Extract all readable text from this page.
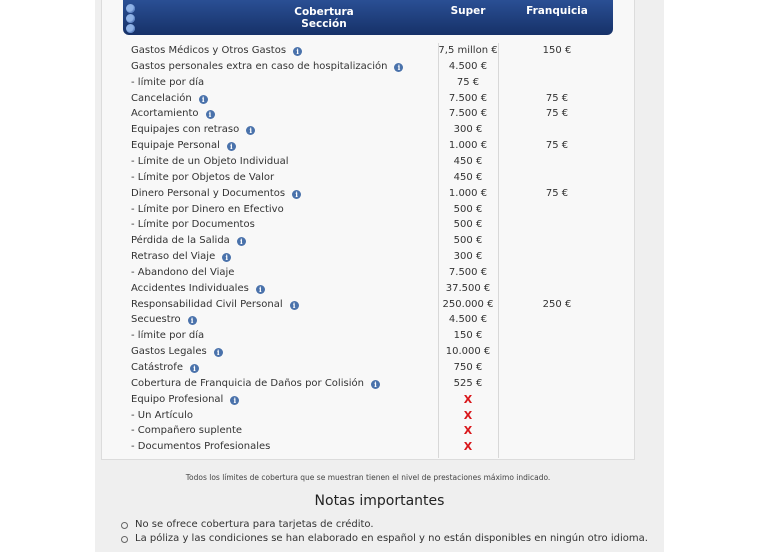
Cobertura
Sección
Super	Franquicia
Gastos Médicos y Otros Gastos i	7,5 millon €	150 €
Gastos personales extra en caso de hospitalización i	4.500 €
- límite por día	75 €
Cancelación i	7.500 €	75 €
Acortamiento i	7.500 €	75 €
Equipajes con retraso i	300 €
Equipaje Personal i	1.000 €	75 €
- Límite de un Objeto Individual	450 €
- Límite por Objetos de Valor	450 €
Dinero Personal y Documentos i	1.000 €	75 €
- Límite por Dinero en Efectivo	500 €
- Límite por Documentos	500 €
Pérdida de la Salida i	500 €
Retraso del Viaje i	300 €
- Abandono del Viaje	7.500 €
Accidentes Individuales i	37.500 €
Responsabilidad Civil Personal i	250.000 €	250 €
Secuestro i	4.500 €
- límite por día	150 €
Gastos Legales i	10.000 €
Catástrofe i	750 €
Cobertura de Franquicia de Daños por Colisión i	525 €
Equipo Profesional i	X
- Un Artículo	X
- Compañero suplente	X
- Documentos Profesionales	X
Todos los límites de cobertura que se muestran tienen el nivel de prestaciones máximo indicado.
Notas importantes
No se ofrece cobertura para tarjetas de crédito.
La póliza y las condiciones se han elaborado en español y no están disponibles en ningún otro idioma.
